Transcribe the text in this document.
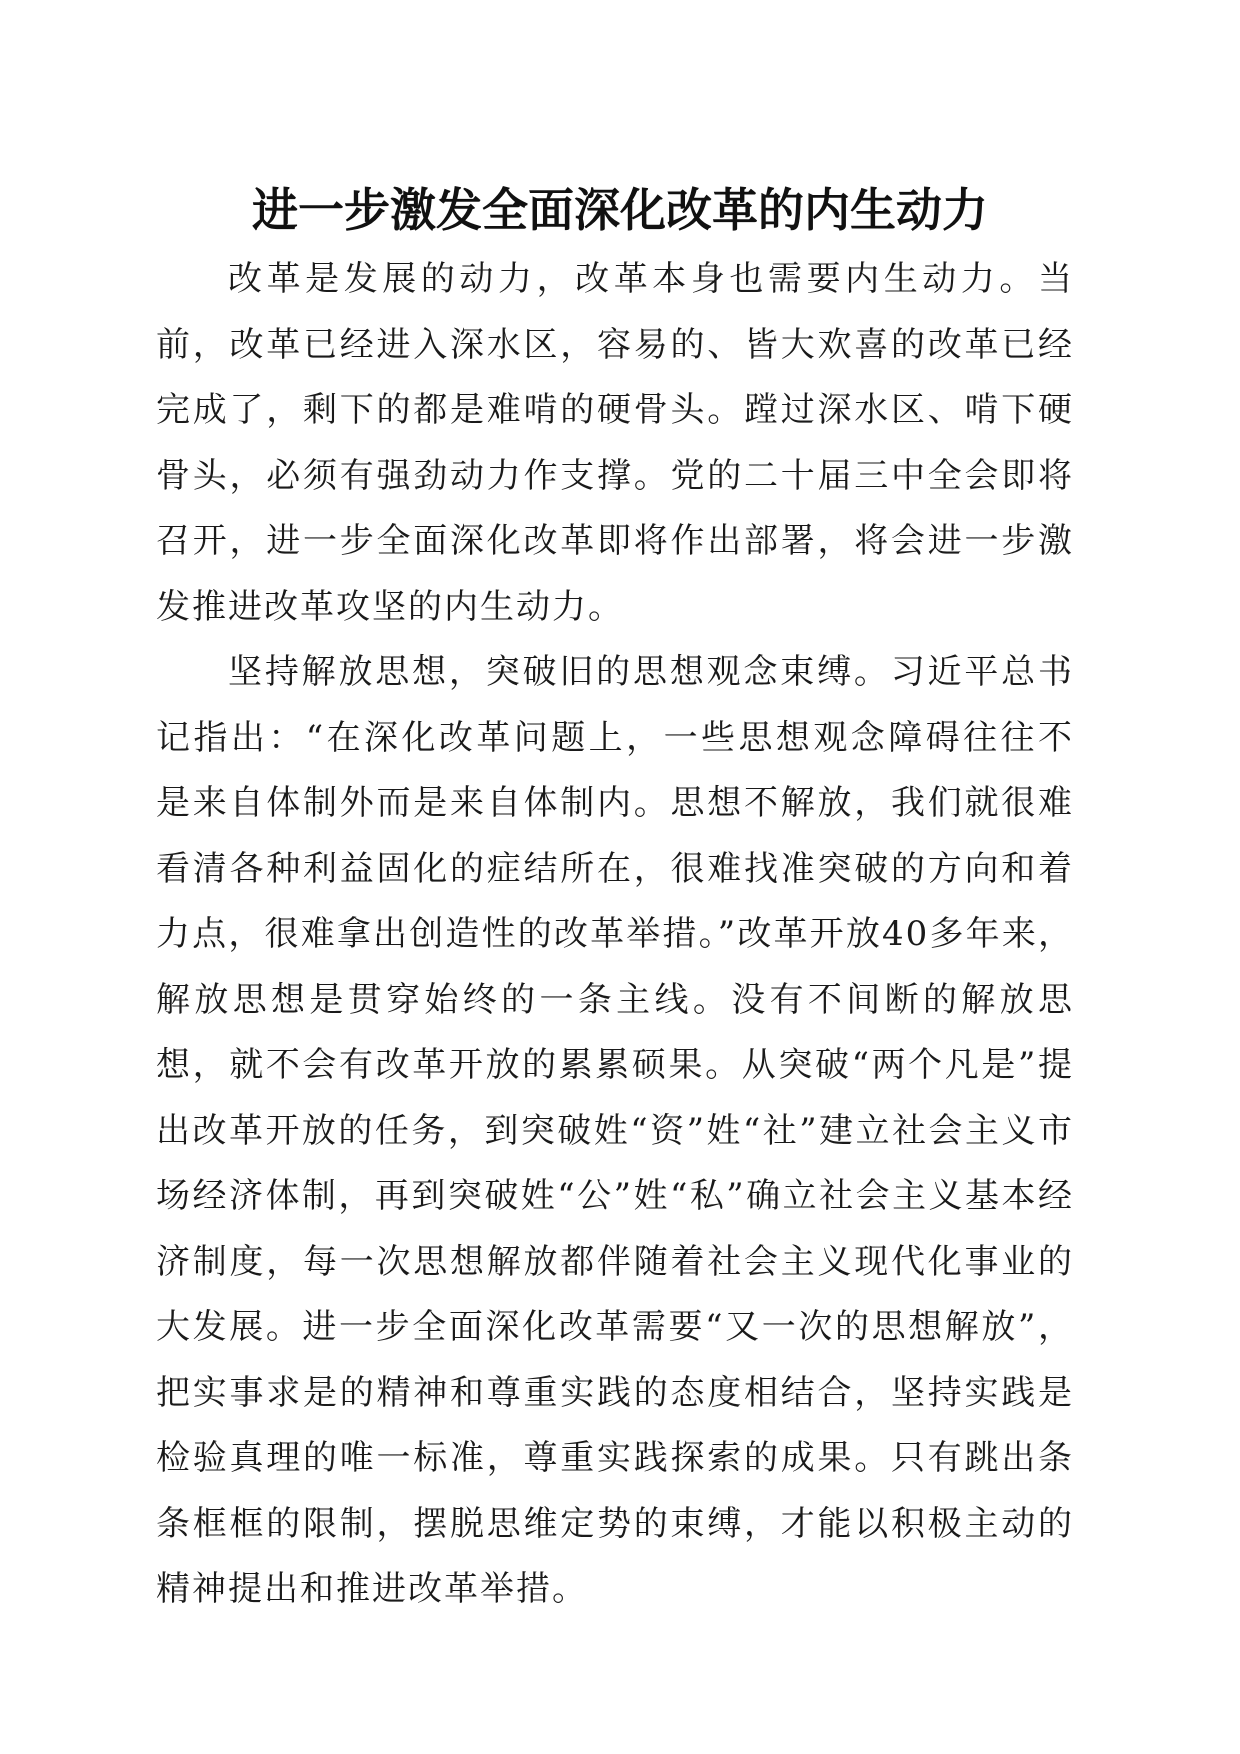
进一步激发全面深化改革的内生动力

改革是发展的动力，改革本身也需要内生动力。当前，改革已经进入深水区，容易的、皆大欢喜的改革已经完成了，剩下的都是难啃的硬骨头。蹚过深水区、啃下硬骨头，必须有强劲动力作支撑。党的二十届三中全会即将召开，进一步全面深化改革即将作出部署，将会进一步激发推进改革攻坚的内生动力。

坚持解放思想，突破旧的思想观念束缚。习近平总书记指出：“在深化改革问题上，一些思想观念障碍往往不是来自体制外而是来自体制内。思想不解放，我们就很难看清各种利益固化的症结所在，很难找准突破的方向和着力点，很难拿出创造性的改革举措。”改革开放40多年来，解放思想是贯穿始终的一条主线。没有不间断的解放思想，就不会有改革开放的累累硕果。从突破“两个凡是”提出改革开放的任务，到突破姓“资”姓“社”建立社会主义市场经济体制，再到突破姓“公”姓“私”确立社会主义基本经济制度，每一次思想解放都伴随着社会主义现代化事业的大发展。进一步全面深化改革需要“又一次的思想解放”，把实事求是的精神和尊重实践的态度相结合，坚持实践是检验真理的唯一标准，尊重实践探索的成果。只有跳出条条框框的限制，摆脱思维定势的束缚，才能以积极主动的精神提出和推进改革举措。
